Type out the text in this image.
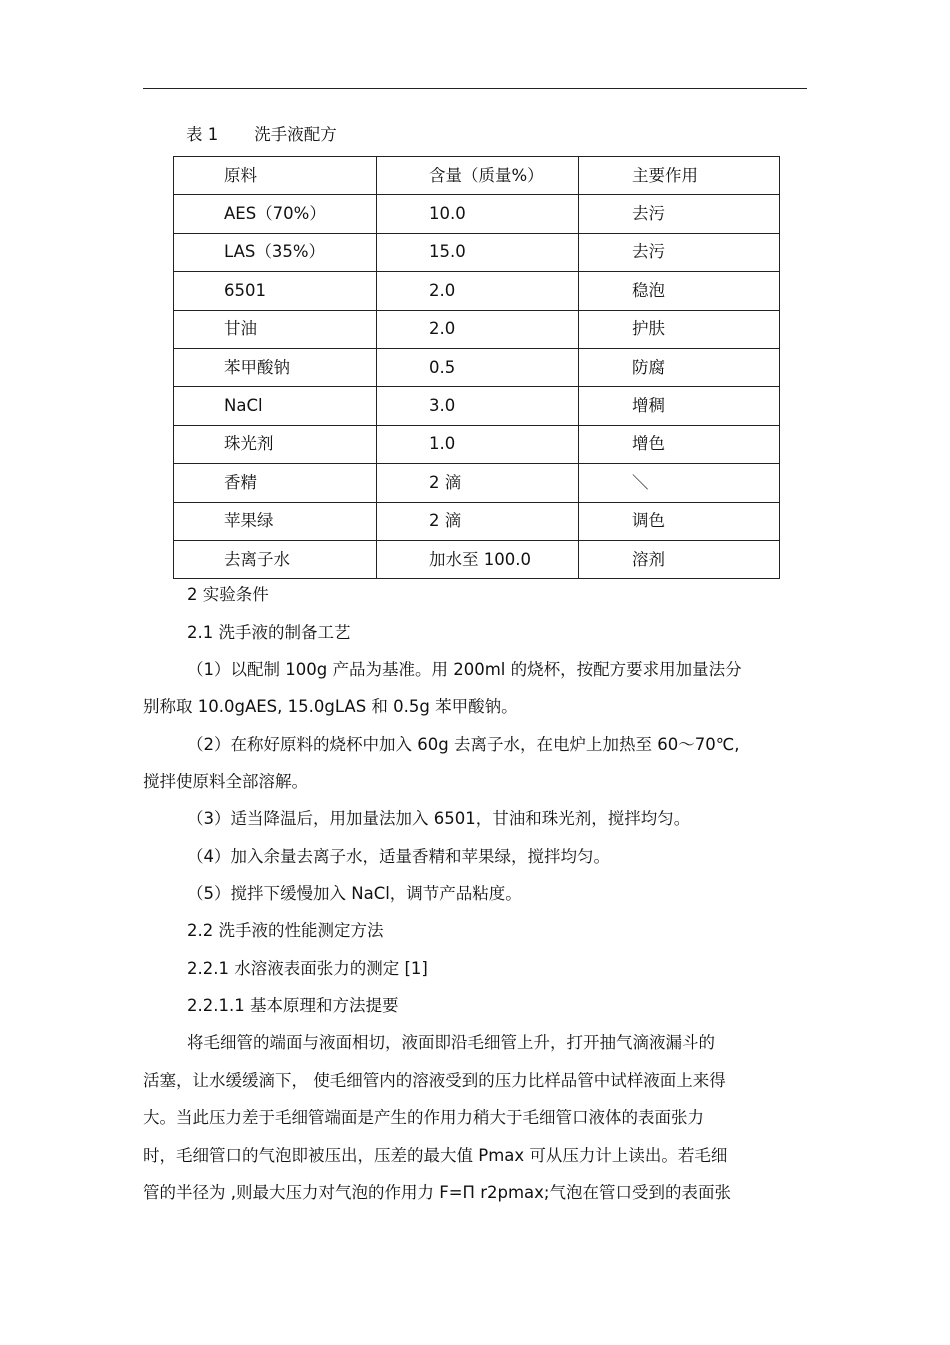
表 1 洗手液配方
原料	含量（质量%）	主要作用
AES（70%）	10.0	去污
LAS（35%）	15.0	去污
6501	2.0	稳泡
甘油	2.0	护肤
苯甲酸钠	0.5	防腐
NaCl	3.0	增稠
珠光剂	1.0	增色
香精	2 滴	＼
苹果绿	2 滴	调色
去离子水	加水至 100.0	溶剂
2 实验条件
2.1 洗手液的制备工艺
（1）以配制 100g 产品为基准。用 200ml 的烧杯，按配方要求用加量法分
别称取 10.0gAES, 15.0gLAS 和 0.5g 苯甲酸钠。
（2）在称好原料的烧杯中加入 60g 去离子水，在电炉上加热至 60～70℃,
搅拌使原料全部溶解。
（3）适当降温后，用加量法加入 6501，甘油和珠光剂，搅拌均匀。
（4）加入余量去离子水，适量香精和苹果绿，搅拌均匀。
（5）搅拌下缓慢加入 NaCl，调节产品粘度。
2.2 洗手液的性能测定方法
2.2.1 水溶液表面张力的测定 [1]
2.2.1.1 基本原理和方法提要
将毛细管的端面与液面相切，液面即沿毛细管上升，打开抽气滴液漏斗的
活塞，让水缓缓滴下， 使毛细管内的溶液受到的压力比样品管中试样液面上来得
大。当此压力差于毛细管端面是产生的作用力稍大于毛细管口液体的表面张力
时，毛细管口的气泡即被压出，压差的最大值 Pmax 可从压力计上读出。若毛细
管的半径为 ,则最大压力对气泡的作用力 F=Π r2pmax;气泡在管口受到的表面张
